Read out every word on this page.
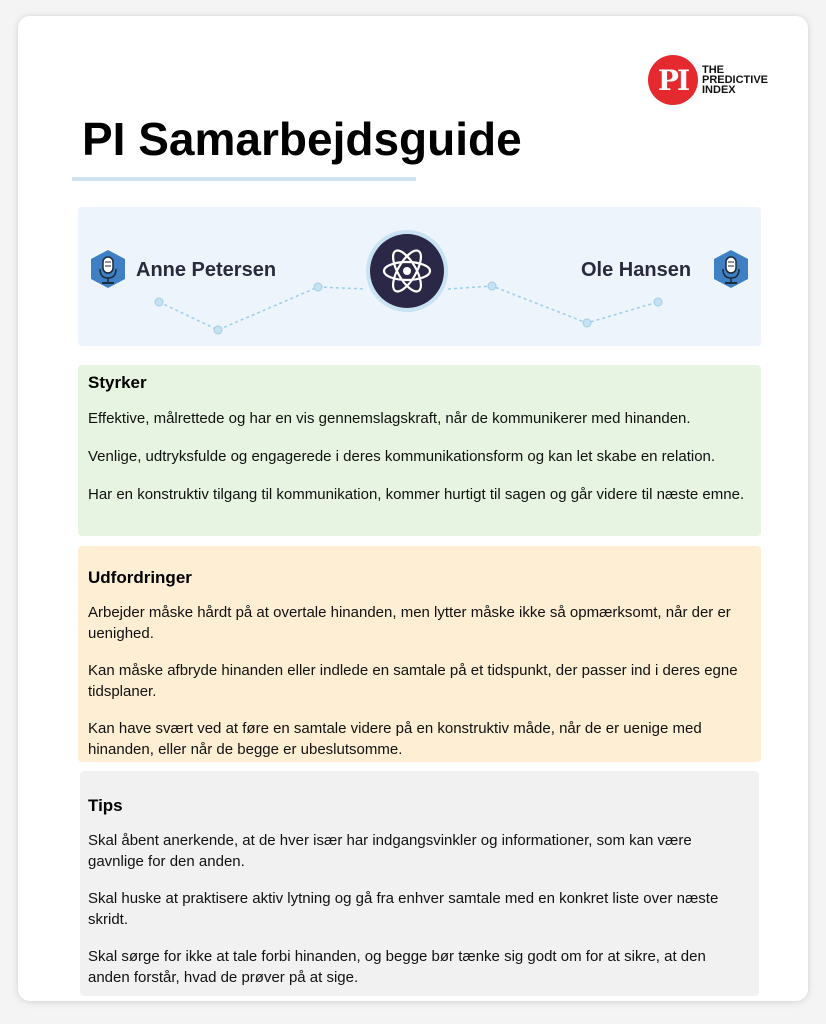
PI	THE
PREDICTIVE
INDEX
PI Samarbejdsguide
Anne Petersen	Ole Hansen
Styrker

Effektive, målrettede og har en vis gennemslagskraft, når de kommunikerer med hinanden.

Venlige, udtryksfulde og engagerede i deres kommunikationsform og kan let skabe en relation.

Har en konstruktiv tilgang til kommunikation, kommer hurtigt til sagen og går videre til næste emne.

Udfordringer

Arbejder måske hårdt på at overtale hinanden, men lytter måske ikke så opmærksomt, når der er uenighed.

Kan måske afbryde hinanden eller indlede en samtale på et tidspunkt, der passer ind i deres egne tidsplaner.

Kan have svært ved at føre en samtale videre på en konstruktiv måde, når de er uenige med hinanden, eller når de begge er ubeslutsomme.

Tips

Skal åbent anerkende, at de hver især har indgangsvinkler og informationer, som kan være gavnlige for den anden.

Skal huske at praktisere aktiv lytning og gå fra enhver samtale med en konkret liste over næste skridt.

Skal sørge for ikke at tale forbi hinanden, og begge bør tænke sig godt om for at sikre, at den anden forstår, hvad de prøver på at sige.
